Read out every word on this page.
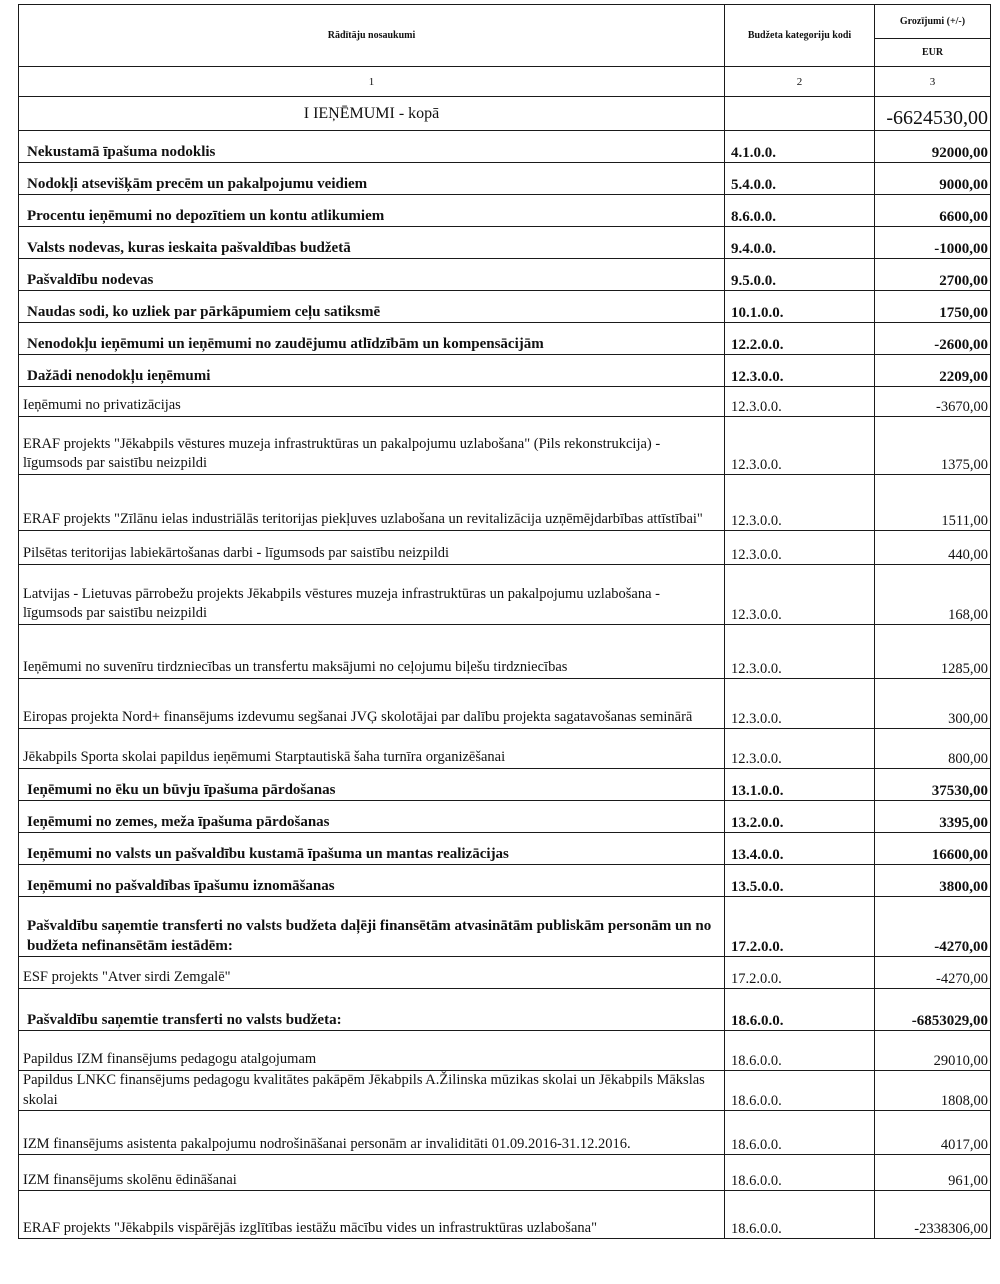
Rādītāju nosaukumi	Budžeta kategoriju kodi	Grozījumi (+/-)
		EUR
1	2	3
I IEŅĒMUMI - kopā		-6624530,00
Nekustamā īpašuma nodoklis	4.1.0.0.	92000,00
Nodokļi atsevišķām precēm un pakalpojumu veidiem	5.4.0.0.	9000,00
Procentu ieņēmumi no depozītiem un kontu atlikumiem	8.6.0.0.	6600,00
Valsts nodevas, kuras ieskaita pašvaldības budžetā	9.4.0.0.	-1000,00
Pašvaldību nodevas	9.5.0.0.	2700,00
Naudas sodi, ko uzliek par pārkāpumiem ceļu satiksmē	10.1.0.0.	1750,00
Nenodokļu ieņēmumi un ieņēmumi no zaudējumu atlīdzībām un kompensācijām	12.2.0.0.	-2600,00
Dažādi nenodokļu ieņēmumi	12.3.0.0.	2209,00
Ieņēmumi no privatizācijas	12.3.0.0.	-3670,00
ERAF projekts "Jēkabpils vēstures muzeja infrastruktūras un pakalpojumu uzlabošana" (Pils rekonstrukcija) - līgumsods par saistību neizpildi	12.3.0.0.	1375,00
ERAF projekts "Zīlānu ielas industriālās teritorijas piekļuves uzlabošana un revitalizācija uzņēmējdarbības attīstībai"	12.3.0.0.	1511,00
Pilsētas teritorijas labiekārtošanas darbi - līgumsods par saistību neizpildi	12.3.0.0.	440,00
Latvijas - Lietuvas pārrobežu projekts Jēkabpils vēstures muzeja infrastruktūras un pakalpojumu uzlabošana - līgumsods par saistību neizpildi	12.3.0.0.	168,00
Ieņēmumi no suvenīru tirdzniecības un transfertu maksājumi no ceļojumu biļešu tirdzniecības	12.3.0.0.	1285,00
Eiropas projekta Nord+ finansējums izdevumu segšanai JVĢ skolotājai par dalību projekta sagatavošanas seminārā	12.3.0.0.	300,00
Jēkabpils Sporta skolai papildus ieņēmumi Starptautiskā šaha turnīra organizēšanai	12.3.0.0.	800,00
Ieņēmumi no ēku un būvju īpašuma pārdošanas	13.1.0.0.	37530,00
Ieņēmumi no zemes, meža īpašuma pārdošanas	13.2.0.0.	3395,00
Ieņēmumi no valsts un pašvaldību kustamā īpašuma un mantas realizācijas	13.4.0.0.	16600,00
Ieņēmumi no pašvaldības īpašumu iznomāšanas	13.5.0.0.	3800,00
Pašvaldību saņemtie transferti no valsts budžeta daļēji finansētām atvasinātām publiskām personām un no budžeta nefinansētām iestādēm:	17.2.0.0.	-4270,00
ESF projekts "Atver sirdi Zemgalē"	17.2.0.0.	-4270,00
Pašvaldību saņemtie transferti no valsts budžeta:	18.6.0.0.	-6853029,00
Papildus IZM finansējums pedagogu atalgojumam	18.6.0.0.	29010,00
Papildus LNKC finansējums pedagogu kvalitātes pakāpēm Jēkabpils A.Žilinska mūzikas skolai un Jēkabpils Mākslas skolai	18.6.0.0.	1808,00
IZM finansējums asistenta pakalpojumu nodrošināšanai personām ar invaliditāti 01.09.2016-31.12.2016.	18.6.0.0.	4017,00
IZM finansējums skolēnu ēdināšanai	18.6.0.0.	961,00
ERAF projekts "Jēkabpils vispārējās izglītības iestāžu mācību vides un infrastruktūras uzlabošana"	18.6.0.0.	-2338306,00
